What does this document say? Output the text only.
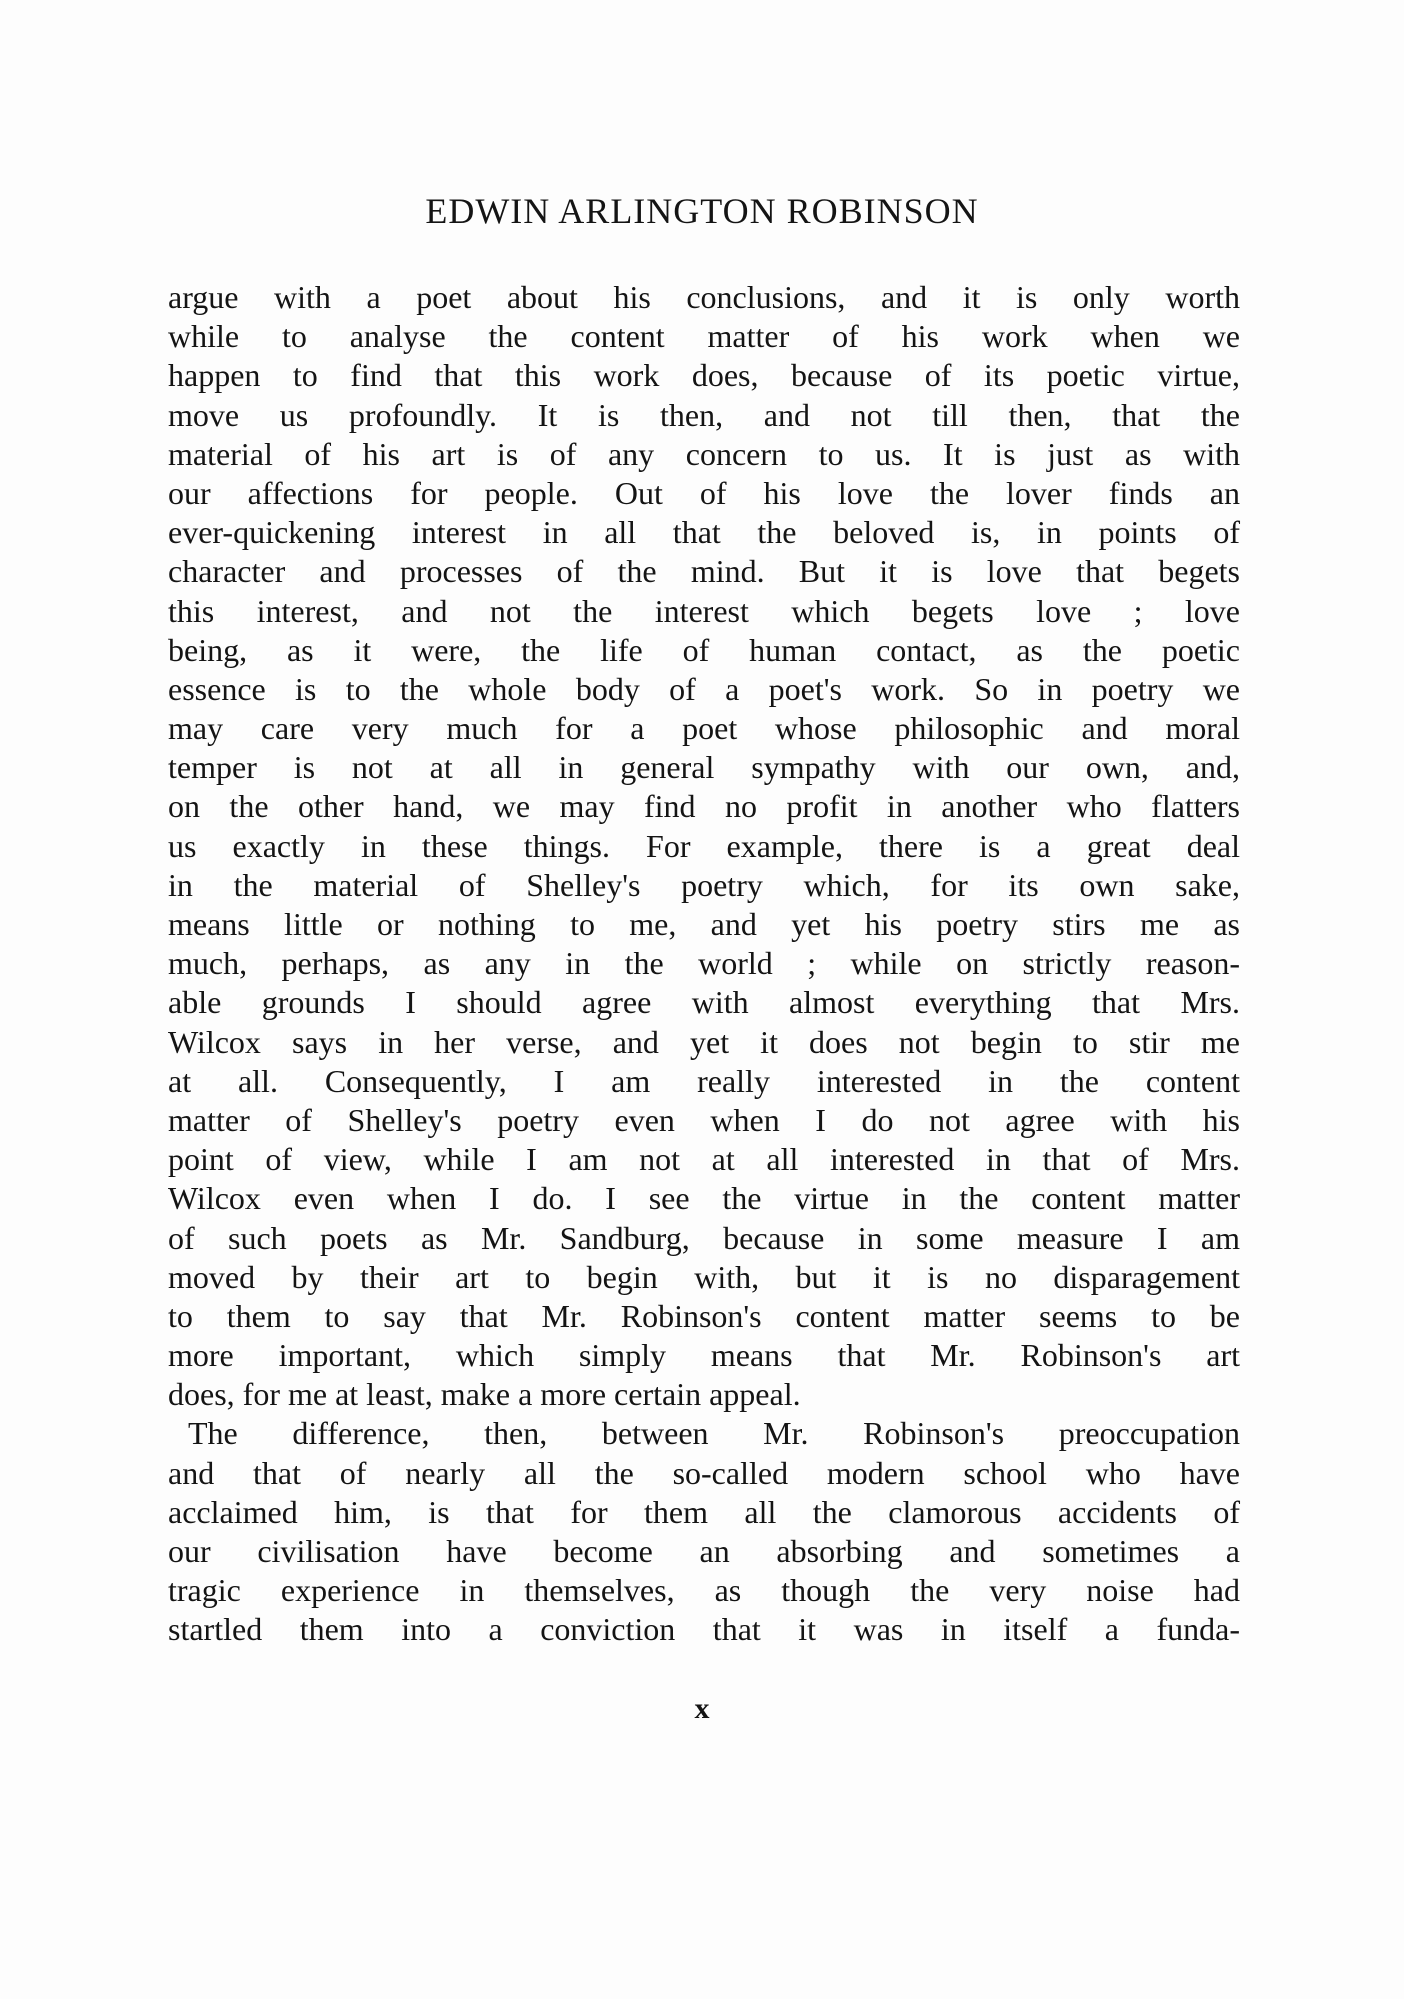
EDWIN ARLINGTON ROBINSON
argue with a poet about his conclusions, and it is only worth
while to analyse the content matter of his work when we
happen to find that this work does, because of its poetic virtue,
move us profoundly. It is then, and not till then, that the
material of his art is of any concern to us. It is just as with
our affections for people. Out of his love the lover finds an
ever-quickening interest in all that the beloved is, in points of
character and processes of the mind. But it is love that begets
this interest, and not the interest which begets love ; love
being, as it were, the life of human contact, as the poetic
essence is to the whole body of a poet's work. So in poetry we
may care very much for a poet whose philosophic and moral
temper is not at all in general sympathy with our own, and,
on the other hand, we may find no profit in another who flatters
us exactly in these things. For example, there is a great deal
in the material of Shelley's poetry which, for its own sake,
means little or nothing to me, and yet his poetry stirs me as
much, perhaps, as any in the world ; while on strictly reason-
able grounds I should agree with almost everything that Mrs.
Wilcox says in her verse, and yet it does not begin to stir me
at all. Consequently, I am really interested in the content
matter of Shelley's poetry even when I do not agree with his
point of view, while I am not at all interested in that of Mrs.
Wilcox even when I do. I see the virtue in the content matter
of such poets as Mr. Sandburg, because in some measure I am
moved by their art to begin with, but it is no disparagement
to them to say that Mr. Robinson's content matter seems to be
more important, which simply means that Mr. Robinson's art
does, for me at least, make a more certain appeal.
The difference, then, between Mr. Robinson's preoccupation
and that of nearly all the so-called modern school who have
acclaimed him, is that for them all the clamorous accidents of
our civilisation have become an absorbing and sometimes a
tragic experience in themselves, as though the very noise had
startled them into a conviction that it was in itself a funda-
x
